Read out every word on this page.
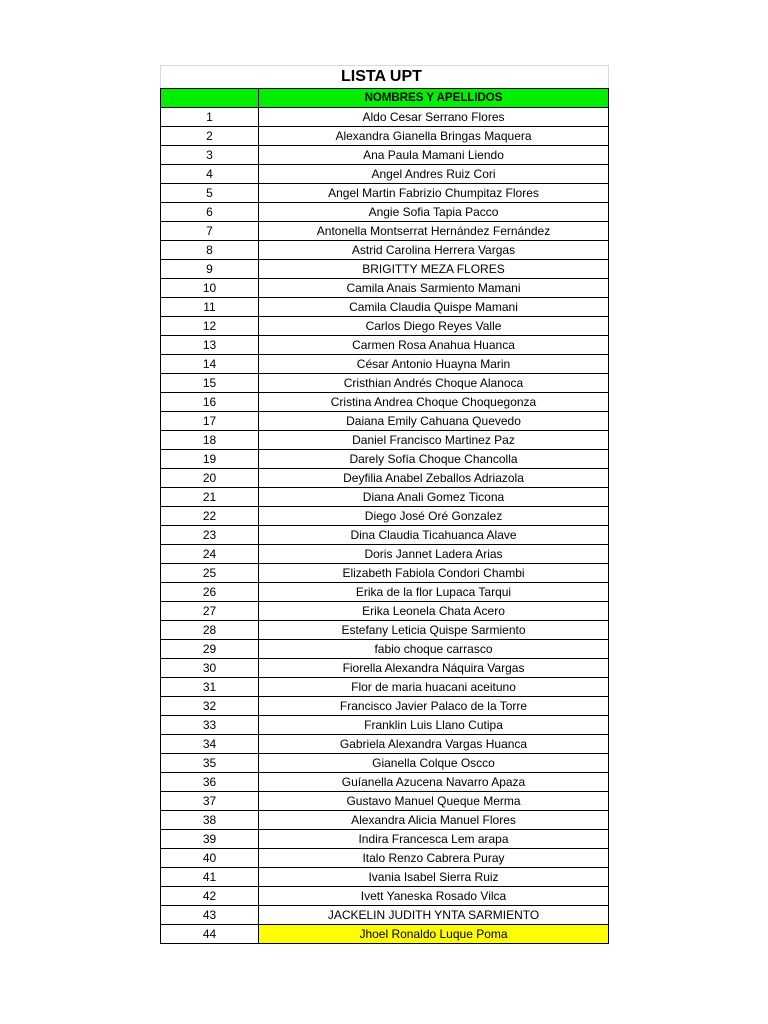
LISTA UPT
	NOMBRES Y APELLIDOS
1	Aldo Cesar Serrano Flores
2	Alexandra Gianella Bringas Maquera
3	Ana Paula Mamani Liendo
4	Angel Andres Ruiz Cori
5	Angel Martin Fabrizio Chumpitaz Flores
6	Angie Sofia Tapia Pacco
7	Antonella Montserrat Hernández Fernández
8	Astrid Carolina Herrera Vargas
9	BRIGITTY MEZA FLORES
10	Camila Anais Sarmiento Mamani
11	Camila Claudia Quispe Mamani
12	Carlos Diego Reyes Valle
13	Carmen Rosa Anahua Huanca
14	César Antonio Huayna Marin
15	Cristhian Andrés Choque Alanoca
16	Cristina Andrea Choque Choquegonza
17	Daiana Emily Cahuana Quevedo
18	Daniel Francisco Martinez Paz
19	Darely Sofía Choque Chancolla
20	Deyfilia Anabel Zeballos Adriazola
21	Diana Anali Gomez Ticona
22	Diego José Oré Gonzalez
23	Dina Claudia Ticahuanca Alave
24	Doris Jannet Ladera Arias
25	Elizabeth Fabiola Condori Chambi
26	Erika de la flor Lupaca Tarqui
27	Erika Leonela Chata Acero
28	Estefany Leticia Quispe Sarmiento
29	fabio choque carrasco
30	Fiorella Alexandra Náquira Vargas
31	Flor de maria huacani aceituno
32	Francisco Javier Palaco de la Torre
33	Franklin Luis Llano Cutipa
34	Gabriela Alexandra Vargas Huanca
35	Gianella Colque Oscco
36	Guíanella Azucena Navarro Apaza
37	Gustavo Manuel Queque Merma
38	Alexandra Alicia Manuel Flores
39	Indira Francesca Lem arapa
40	Italo Renzo Cabrera Puray
41	Ivania Isabel Sierra Ruiz
42	Ivett Yaneska Rosado Vilca
43	JACKELIN JUDITH YNTA SARMIENTO
44	Jhoel Ronaldo Luque Poma
